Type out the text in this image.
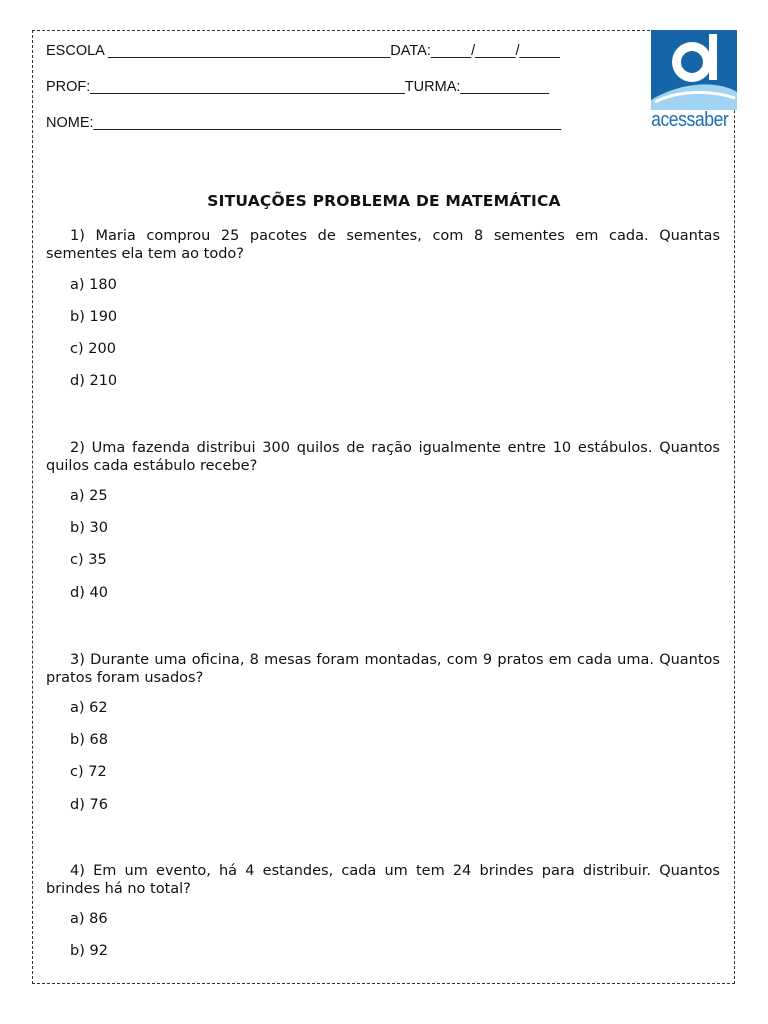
ESCOLA ___________________________________DATA:_____/_____/_____
PROF:_______________________________________TURMA:___________
NOME:__________________________________________________________	acessaber
SITUAÇÕES PROBLEMA DE MATEMÁTICA
1) Maria comprou 25 pacotes de sementes, com 8 sementes em cada. Quantas sementes ela tem ao todo?
a) 180
b) 190
c) 200
d) 210
2) Uma fazenda distribui 300 quilos de ração igualmente entre 10 estábulos. Quantos quilos cada estábulo recebe?
a) 25
b) 30
c) 35
d) 40
3) Durante uma oficina, 8 mesas foram montadas, com 9 pratos em cada uma. Quantos pratos foram usados?
a) 62
b) 68
c) 72
d) 76
4) Em um evento, há 4 estandes, cada um tem 24 brindes para distribuir. Quantos brindes há no total?
a) 86
b) 92
